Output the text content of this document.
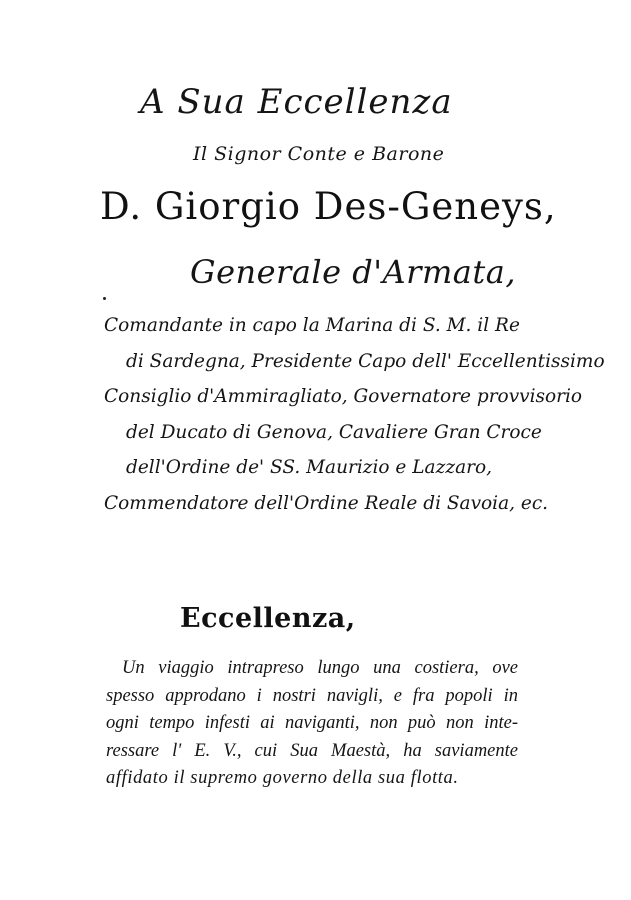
A Sua Eccellenza
Il Signor Conte e Barone
D. Giorgio Des-Geneys,
Generale d'Armata,
Comandante in capo la Marina di S. M. il Re
di Sardegna, Presidente Capo dell' Eccellentissimo
Consiglio d'Ammiragliato, Governatore provvisorio
del Ducato di Genova, Cavaliere Gran Croce
dell'Ordine de' SS. Maurizio e Lazzaro,
Commendatore dell'Ordine Reale di Savoia, ec.
Eccellenza,
Un viaggio intrapreso lungo una costiera, ove
spesso approdano i nostri navigli, e fra popoli in
ogni tempo infesti ai naviganti, non può non inte-
ressare l' E. V., cui Sua Maestà, ha saviamente
affidato il supremo governo della sua flotta.
